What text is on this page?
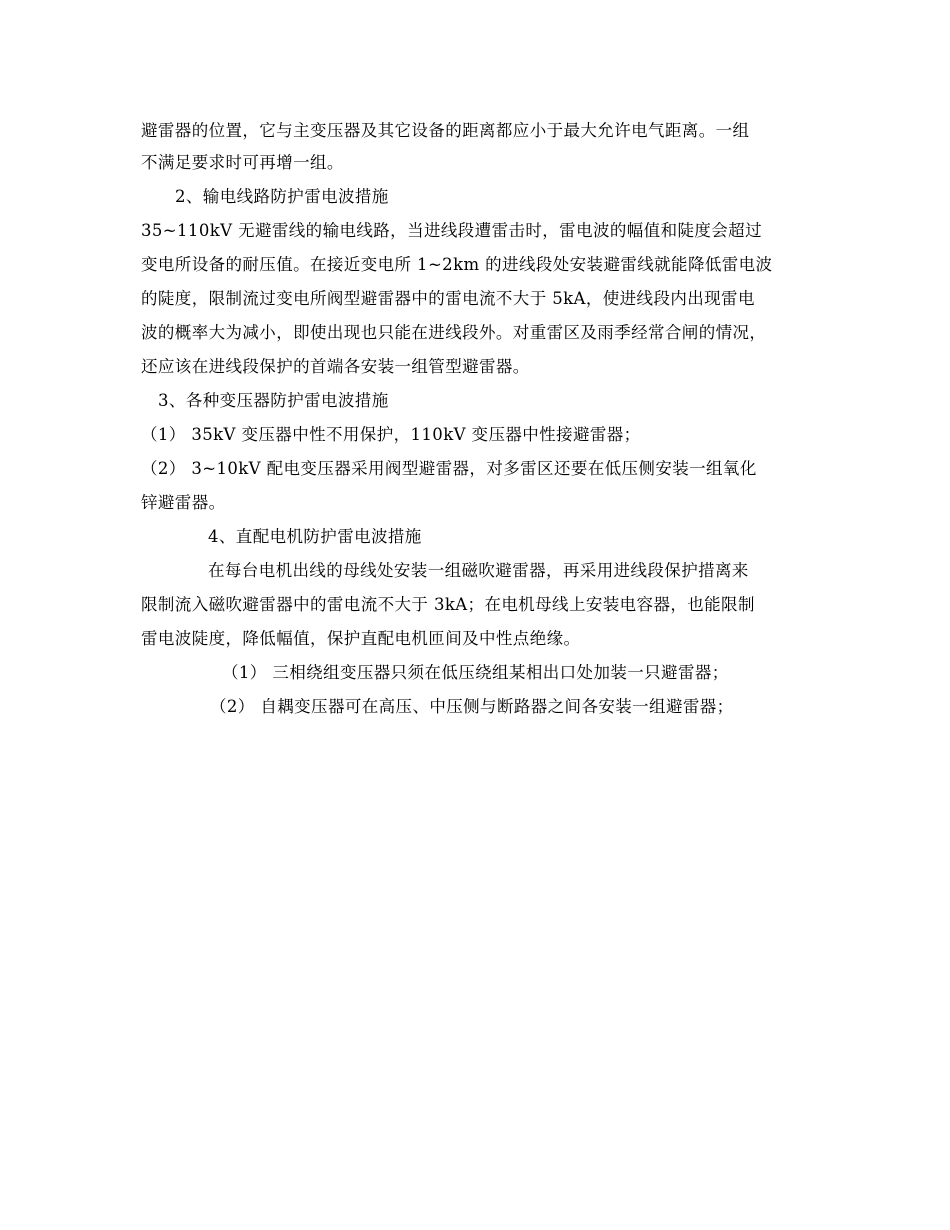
避雷器的位置，它与主变压器及其它设备的距离都应小于最大允许电气距离。一组
不满足要求时可再增一组。
2、输电线路防护雷电波措施
35~110kV 无避雷线的输电线路，当进线段遭雷击时，雷电波的幅值和陡度会超过
变电所设备的耐压值。在接近变电所 1~2km 的进线段处安装避雷线就能降低雷电波
的陡度，限制流过变电所阀型避雷器中的雷电流不大于 5kA，使进线段内出现雷电
波的概率大为减小，即使出现也只能在进线段外。对重雷区及雨季经常合闸的情况，
还应该在进线段保护的首端各安装一组管型避雷器。
3、各种变压器防护雷电波措施
（1） 35kV 变压器中性不用保护，110kV 变压器中性接避雷器；
（2） 3~10kV 配电变压器采用阀型避雷器，对多雷区还要在低压侧安装一组氧化
锌避雷器。
4、直配电机防护雷电波措施
在每台电机出线的母线处安装一组磁吹避雷器，再采用进线段保护措离来
限制流入磁吹避雷器中的雷电流不大于 3kA；在电机母线上安装电容器，也能限制
雷电波陡度，降低幅值，保护直配电机匝间及中性点绝缘。
（1） 三相绕组变压器只须在低压绕组某相出口处加装一只避雷器；
（2） 自耦变压器可在高压、中压侧与断路器之间各安装一组避雷器；
